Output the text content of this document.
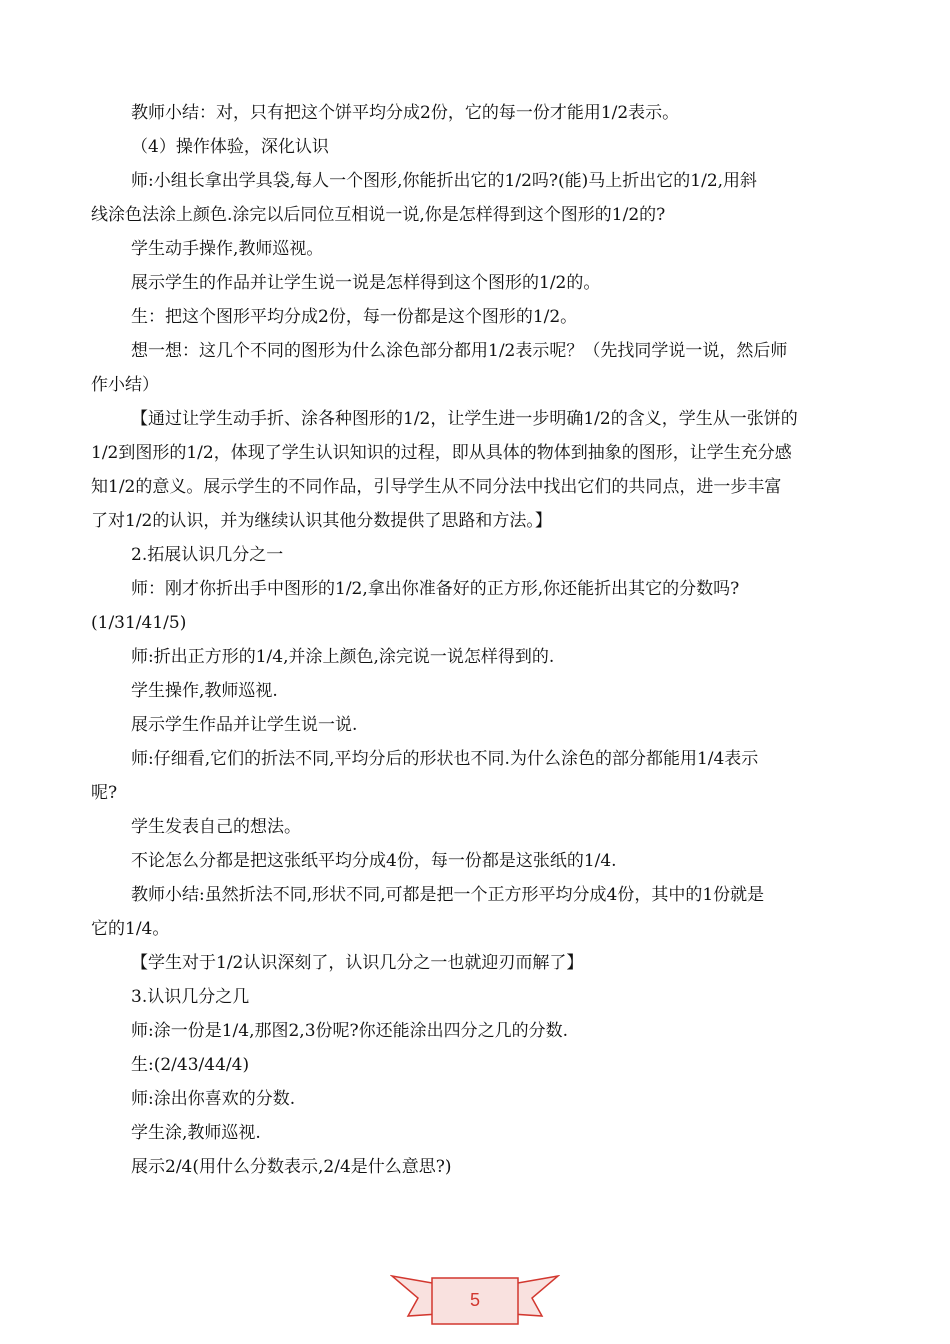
教师小结：对，只有把这个饼平均分成2份，它的每一份才能用1/2表示。
（4）操作体验，深化认识
师:小组长拿出学具袋,每人一个图形,你能折出它的1/2吗?(能)马上折出它的1/2,用斜
线涂色法涂上颜色.涂完以后同位互相说一说,你是怎样得到这个图形的1/2的?
学生动手操作,教师巡视。
展示学生的作品并让学生说一说是怎样得到这个图形的1/2的。
生：把这个图形平均分成2份，每一份都是这个图形的1/2。
想一想：这几个不同的图形为什么涂色部分都用1/2表示呢？（先找同学说一说，然后师
作小结）
【通过让学生动手折、涂各种图形的1/2，让学生进一步明确1/2的含义，学生从一张饼的
1/2到图形的1/2，体现了学生认识知识的过程，即从具体的物体到抽象的图形，让学生充分感
知1/2的意义。展示学生的不同作品，引导学生从不同分法中找出它们的共同点，进一步丰富
了对1/2的认识，并为继续认识其他分数提供了思路和方法。】
2.拓展认识几分之一
师：刚才你折出手中图形的1/2,拿出你准备好的正方形,你还能折出其它的分数吗?
(1/31/41/5)
师:折出正方形的1/4,并涂上颜色,涂完说一说怎样得到的.
学生操作,教师巡视.
展示学生作品并让学生说一说.
师:仔细看,它们的折法不同,平均分后的形状也不同.为什么涂色的部分都能用1/4表示
呢?
学生发表自己的想法。
不论怎么分都是把这张纸平均分成4份，每一份都是这张纸的1/4.
教师小结:虽然折法不同,形状不同,可都是把一个正方形平均分成4份，其中的1份就是
它的1/4。
【学生对于1/2认识深刻了，认识几分之一也就迎刃而解了】
3.认识几分之几
师:涂一份是1/4,那图2,3份呢?你还能涂出四分之几的分数.
生:(2/43/44/4)
师:涂出你喜欢的分数.
学生涂,教师巡视.
展示2/4(用什么分数表示,2/4是什么意思?)
5
